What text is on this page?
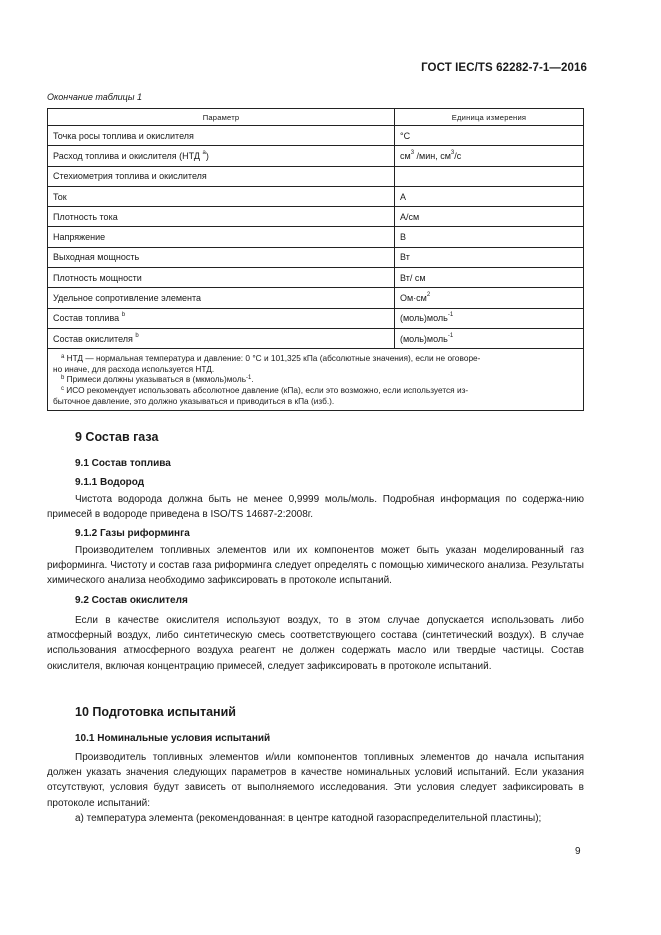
ГОСТ IEC/TS 62282-7-1—2016
Окончание таблицы 1
Параметр	Единица измерения
Точка росы топлива и окислителя	°С
Расход топлива и окислителя (НТД $^a$)	$см^3$ /мин, $см^3/с$
Стехиометрия топлива и окислителя	
Ток	А
Плотность тока	А/см
Напряжение	В
Выходная мощность	Вт
Плотность мощности	Вт/ см
Удельное сопротивление элемента	$Ом\cdot см^2$
Состав топлива $^b$	(моль)моль$^{-1}$
Состав окислителя $^b$	(моль)моль$^{-1}$

$^a$ НТД — нормальная температура и давление: 0 °С и 101,325 кПа (абсолютные значения), если не оговоре-
но иначе, для расхода используется НТД.
$^b$ Примеси должны указываться в (мкмоль)моль$^{-1}$.
$^c$ ИСО рекомендует использовать абсолютное давление (кПа), если это возможно, если используется из-
быточное давление, это должно указываться и приводиться в кПа (изб.).	
9 Состав газа
9.1 Состав топлива
9.1.1 Водород

Чистота водорода должна быть не менее 0,9999 моль/моль. Подробная информация по содержа-нию примесей в водороде приведена в ISO/TS 14687-2:2008г.

9.1.2 Газы риформинга

Производителем топливных элементов или их компонентов может быть указан моделированный газ риформинга. Чистоту и состав газа риформинга следует определять с помощью химического анализа. Результаты химического анализа необходимо зафиксировать в протоколе испытаний.

9.2 Состав окислителя

Если в качестве окислителя используют воздух, то в этом случае допускается использовать либо атмосферный воздух, либо синтетическую смесь соответствующего состава (синтетический воздух). В случае использования атмосферного воздуха реагент не должен содержать масло или твердые частицы. Состав окислителя, включая концентрацию примесей, следует зафиксировать в протоколе испытаний.

10 Подготовка испытаний
10.1 Номинальные условия испытаний

Производитель топливных элементов и/или компонентов топливных элементов до начала испытания должен указать значения следующих параметров в качестве номинальных условий испытаний. Если указания отсутствуют, условия будут зависеть от выполняемого исследования. Эти условия следует зафиксировать в протоколе испытаний:

а) температура элемента (рекомендованная: в центре катодной газораспределительной пластины);

9
